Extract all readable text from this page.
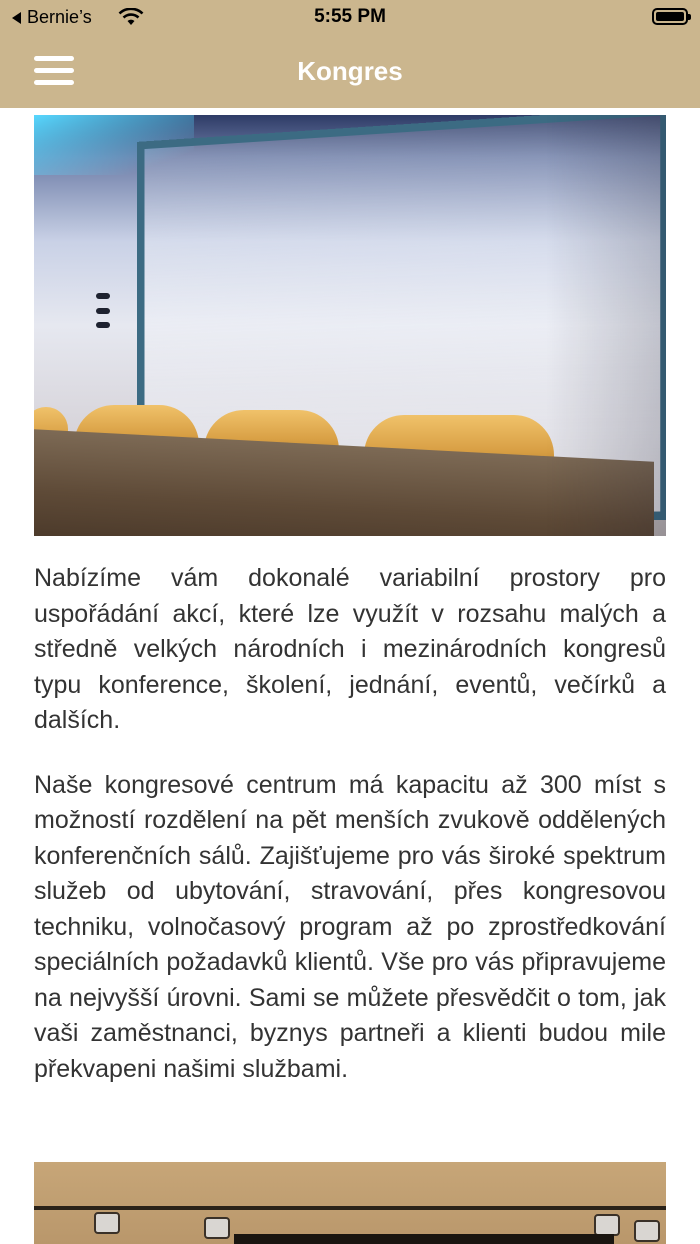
Bernie’s	5:55 PM
Kongres

Nabízíme vám dokonalé variabilní prostory pro uspořádání akcí, které lze využít v rozsahu malých a středně velkých národních i mezinárodních kongresů typu konference, školení, jednání, eventů, večírků a dalších.

Naše kongresové centrum má kapacitu až 300 míst s možností rozdělení na pět menších zvukově oddělených konferenčních sálů. Zajišťujeme pro vás široké spektrum služeb od ubytování, stravování, přes kongresovou techniku, volnočasový program až po zprostředkování speciálních požadavků klientů. Vše pro vás připravujeme na nejvyšší úrovni. Sami se můžete přesvědčit o tom, jak vaši zaměstnanci, byznys partneři a klienti budou mile překvapeni našimi službami.
